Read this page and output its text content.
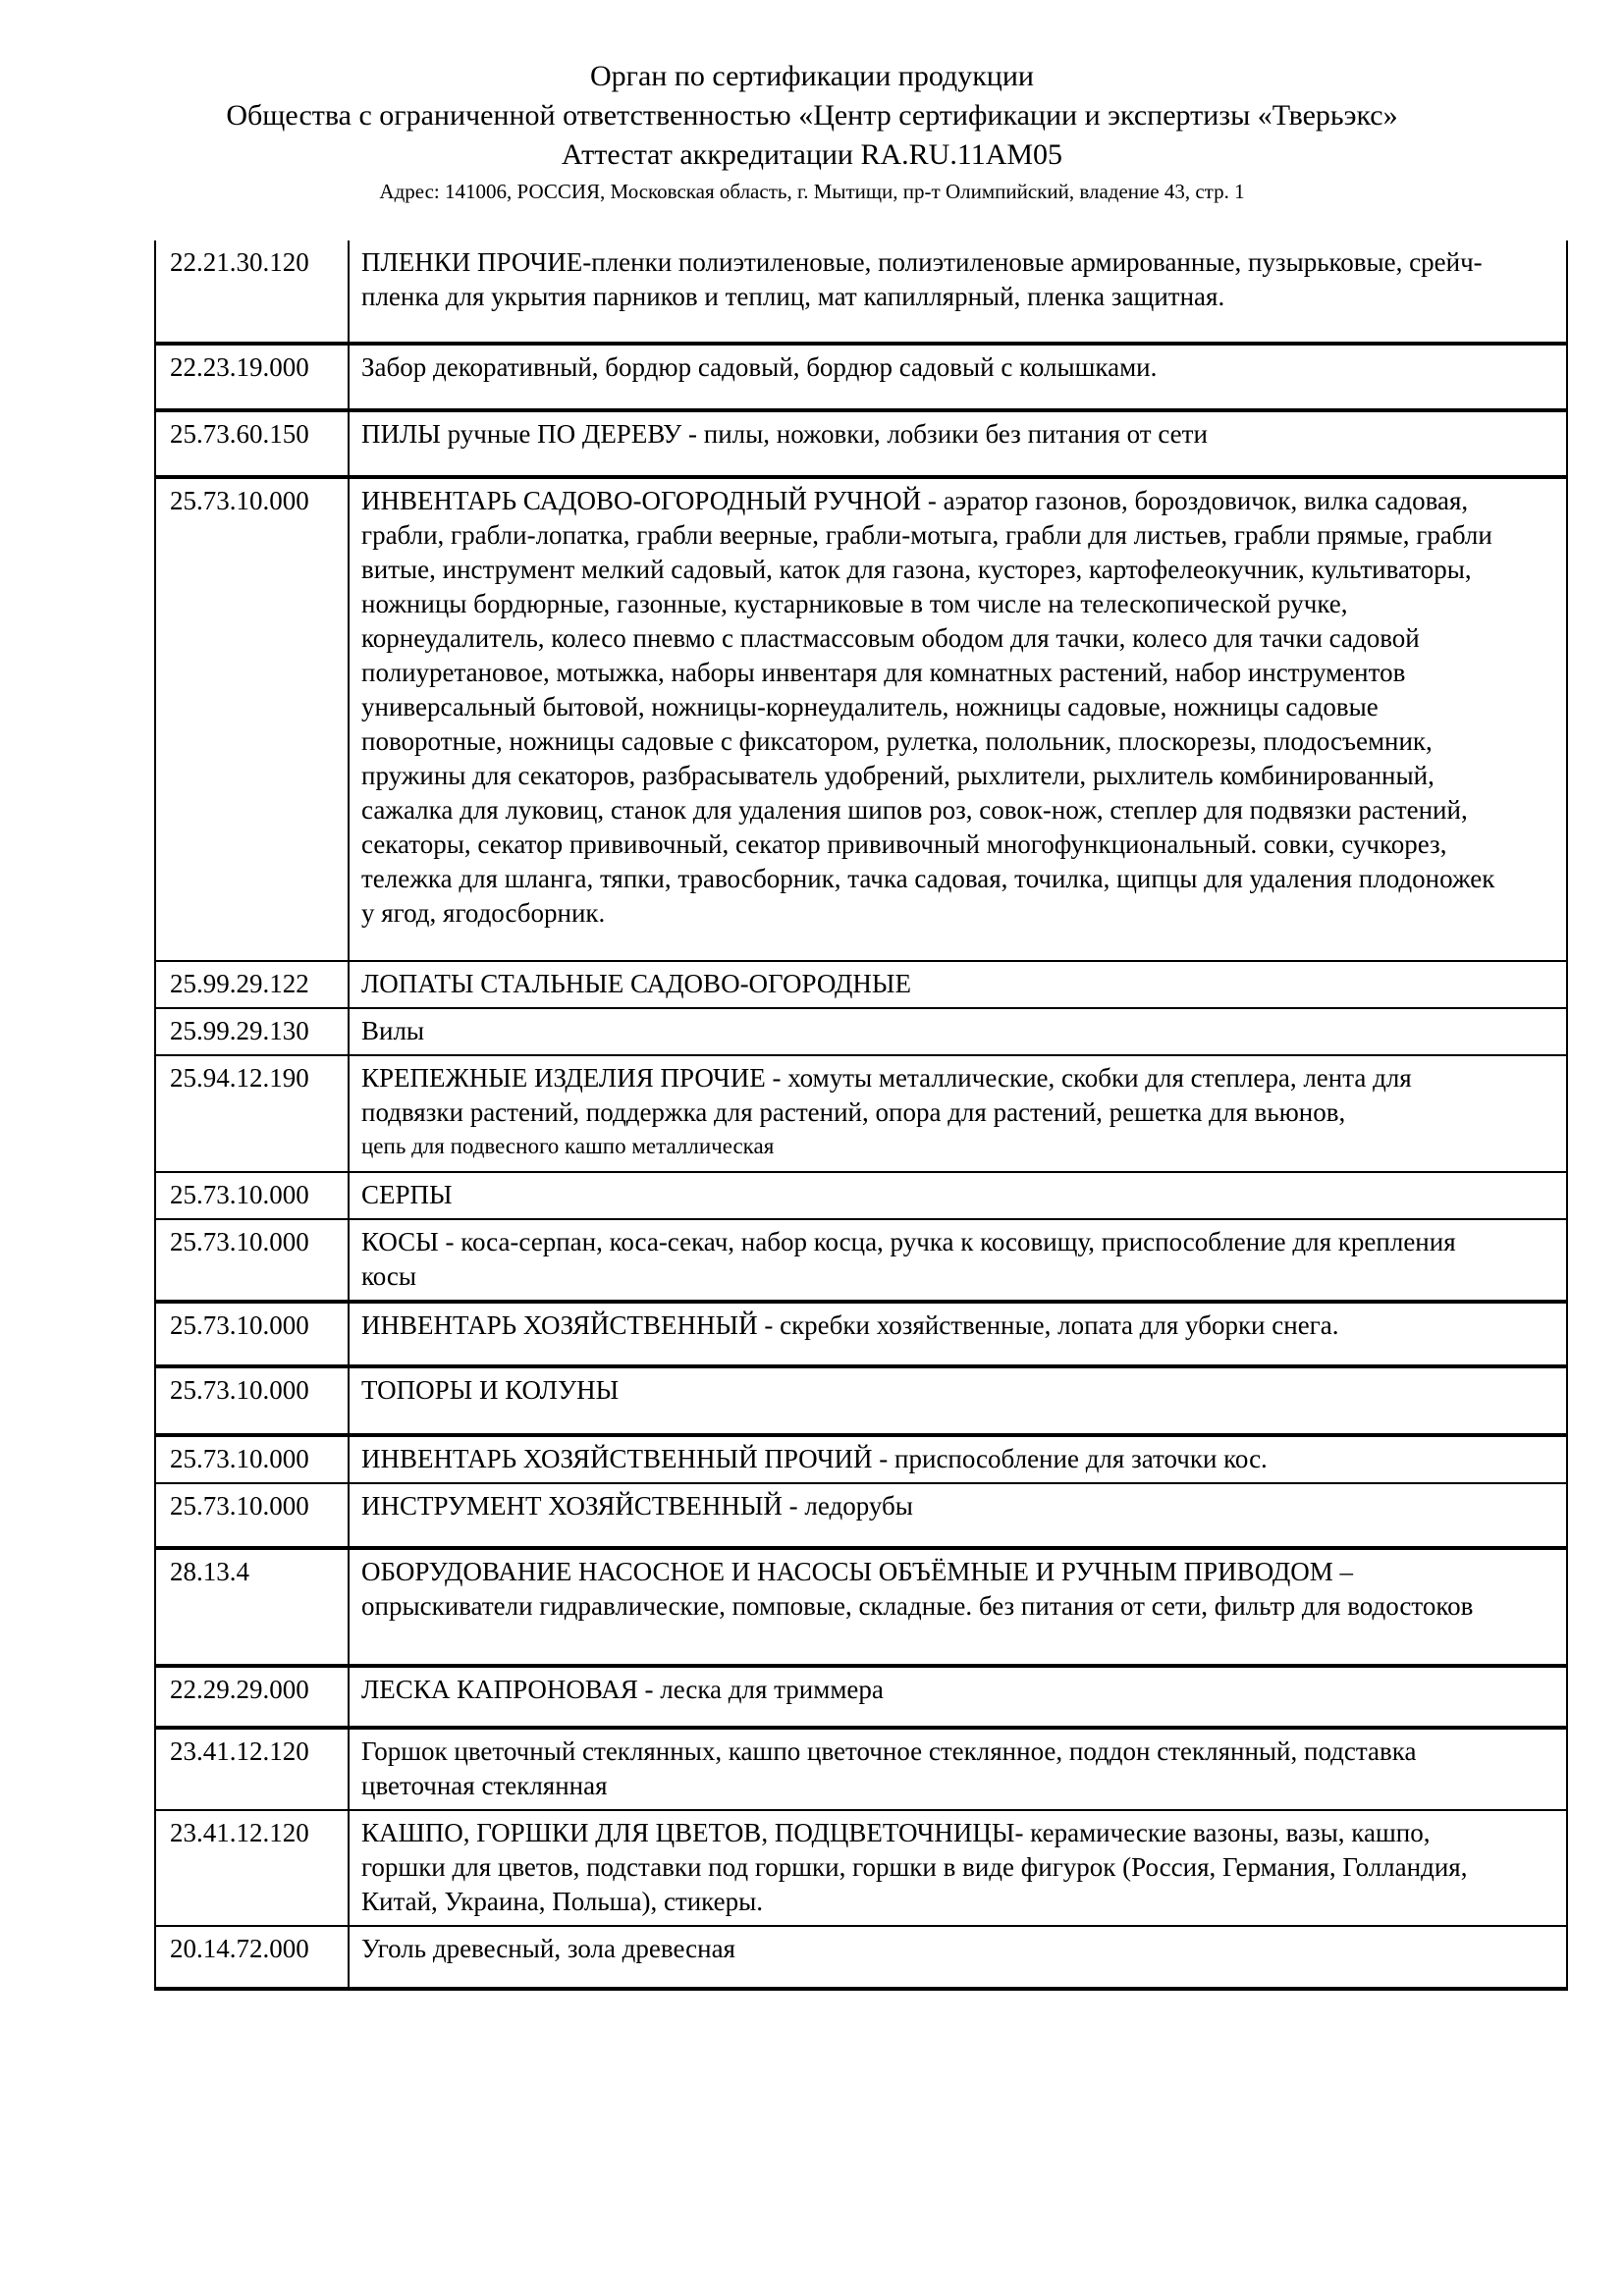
Орган по сертификации продукции
Общества с ограниченной ответственностью «Центр сертификации и экспертизы «Тверьэкс»
Аттестат аккредитации RA.RU.11AM05
Адрес: 141006, РОССИЯ, Московская область, г. Мытищи, пр-т Олимпийский, владение 43, стр. 1
22.21.30.120	ПЛЕНКИ ПРОЧИЕ-пленки полиэтиленовые, полиэтиленовые армированные, пузырьковые, срейч-пленка для укрытия парников и теплиц, мат капиллярный, пленка защитная.
22.23.19.000	Забор декоративный, бордюр садовый, бордюр садовый с колышками.
25.73.60.150	ПИЛЫ ручные ПО ДЕРЕВУ - пилы, ножовки, лобзики без питания от сети
25.73.10.000	ИНВЕНТАРЬ САДОВО-ОГОРОДНЫЙ РУЧНОЙ - аэратор газонов, бороздовичок, вилка садовая, грабли, грабли-лопатка, грабли веерные, грабли-мотыга, грабли для листьев, грабли прямые, грабли витые, инструмент мелкий садовый, каток для газона, кусторез, картофелеокучник, культиваторы, ножницы бордюрные, газонные, кустарниковые в том числе на телескопической ручке, корнеудалитель, колесо пневмо с пластмассовым ободом для тачки, колесо для тачки садовой полиуретановое, мотыжка, наборы инвентаря для комнатных растений, набор инструментов универсальный бытовой, ножницы-корнеудалитель, ножницы садовые, ножницы садовые поворотные, ножницы садовые с фиксатором, рулетка, полольник, плоскорезы, плодосъемник, пружины для секаторов, разбрасыватель удобрений, рыхлители, рыхлитель комбинированный, сажалка для луковиц, станок для удаления шипов роз, совок-нож, степлер для подвязки растений, секаторы, секатор прививочный, секатор прививочный многофункциональный. совки, сучкорез, тележка для шланга, тяпки, травосборник, тачка садовая, точилка, щипцы для удаления плодоножек у ягод, ягодосборник.
25.99.29.122	ЛОПАТЫ СТАЛЬНЫЕ САДОВО-ОГОРОДНЫЕ
25.99.29.130	Вилы
25.94.12.190	КРЕПЕЖНЫЕ ИЗДЕЛИЯ ПРОЧИЕ - хомуты металлические, скобки для степлера, лента для подвязки растений, поддержка для растений, опора для растений, решетка для вьюнов,
цепь для подвесного кашпо металлическая
25.73.10.000	СЕРПЫ
25.73.10.000	КОСЫ - коса-серпан, коса-секач, набор косца, ручка к косовищу, приспособление для крепления косы
25.73.10.000	ИНВЕНТАРЬ ХОЗЯЙСТВЕННЫЙ - скребки хозяйственные, лопата для уборки снега.
25.73.10.000	ТОПОРЫ И КОЛУНЫ
25.73.10.000	ИНВЕНТАРЬ ХОЗЯЙСТВЕННЫЙ ПРОЧИЙ - приспособление для заточки кос.
25.73.10.000	ИНСТРУМЕНТ ХОЗЯЙСТВЕННЫЙ - ледорубы
28.13.4	ОБОРУДОВАНИЕ НАСОСНОЕ И НАСОСЫ ОБЪЁМНЫЕ И РУЧНЫМ ПРИВОДОМ – опрыскиватели гидравлические, помповые, складные. без питания от сети, фильтр для водостоков
22.29.29.000	ЛЕСКА КАПРОНОВАЯ - леска для триммера
23.41.12.120	Горшок цветочный стеклянных, кашпо цветочное стеклянное, поддон стеклянный, подставка цветочная стеклянная
23.41.12.120	КАШПО, ГОРШКИ ДЛЯ ЦВЕТОВ, ПОДЦВЕТОЧНИЦЫ- керамические вазоны, вазы, кашпо, горшки для цветов, подставки под горшки, горшки в виде фигурок (Россия, Германия, Голландия, Китай, Украина, Польша), стикеры.
20.14.72.000	Уголь древесный, зола древесная
